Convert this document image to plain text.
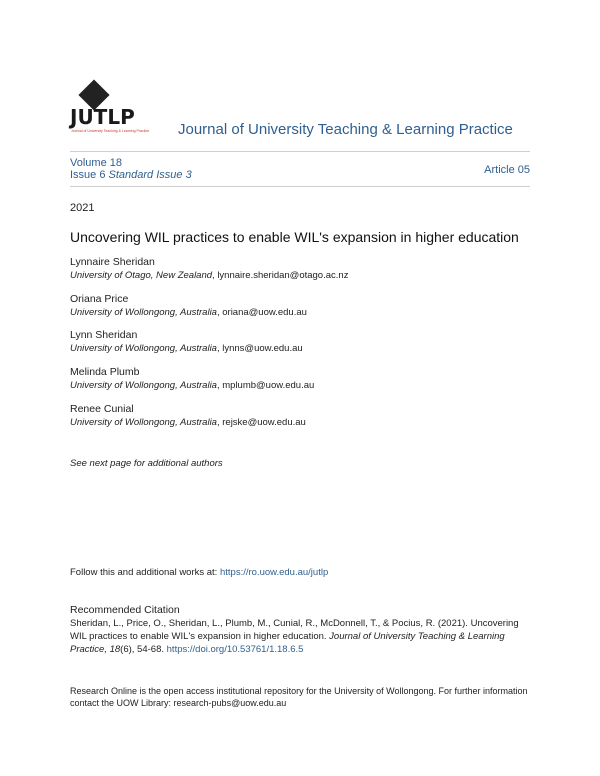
JUTLP
Journal of University Teaching & Learning Practice Journal of University Teaching & Learning Practice
Volume 18
Issue 6 Standard Issue 3	Article 05
2021
Uncovering WIL practices to enable WIL's expansion in higher education
Lynnaire Sheridan
University of Otago, New Zealand, lynnaire.sheridan@otago.ac.nz
Oriana Price
University of Wollongong, Australia, oriana@uow.edu.au
Lynn Sheridan
University of Wollongong, Australia, lynns@uow.edu.au
Melinda Plumb
University of Wollongong, Australia, mplumb@uow.edu.au
Renee Cunial
University of Wollongong, Australia, rejske@uow.edu.au
See next page for additional authors
Follow this and additional works at: https://ro.uow.edu.au/jutlp
Recommended Citation
Sheridan, L., Price, O., Sheridan, L., Plumb, M., Cunial, R., McDonnell, T., & Pocius, R. (2021). Uncovering WIL practices to enable WIL's expansion in higher education. Journal of University Teaching & Learning Practice, 18(6), 54-68. https://doi.org/10.53761/1.18.6.5
Research Online is the open access institutional repository for the University of Wollongong. For further information contact the UOW Library: research-pubs@uow.edu.au
